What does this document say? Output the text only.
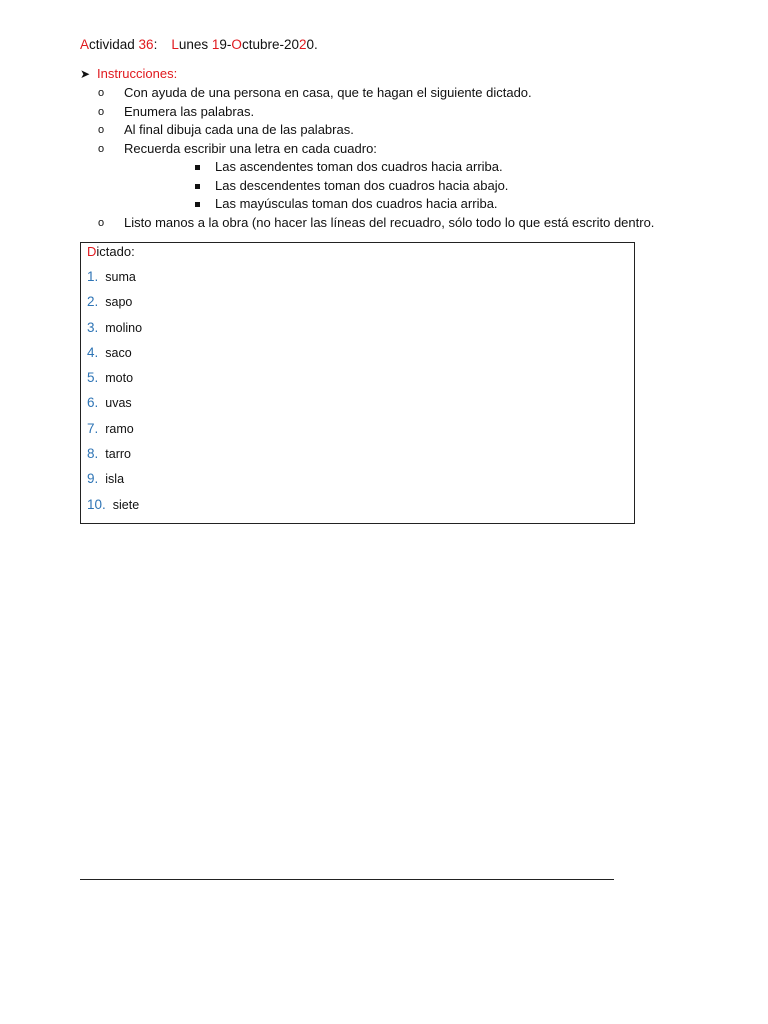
Actividad 36: Lunes 19-Octubre-2020.
➤ Instrucciones:
o Con ayuda de una persona en casa, que te hagan el siguiente dictado.
o Enumera las palabras.
o Al final dibuja cada una de las palabras.
o Recuerda escribir una letra en cada cuadro:
Las ascendentes toman dos cuadros hacia arriba.
Las descendentes toman dos cuadros hacia abajo.
Las mayúsculas toman dos cuadros hacia arriba.
o Listo manos a la obra (no hacer las líneas del recuadro, sólo todo lo que está escrito dentro.
Dictado:
1. suma
2. sapo
3. molino
4. saco
5. moto
6. uvas
7. ramo
8. tarro
9. isla
10. siete
